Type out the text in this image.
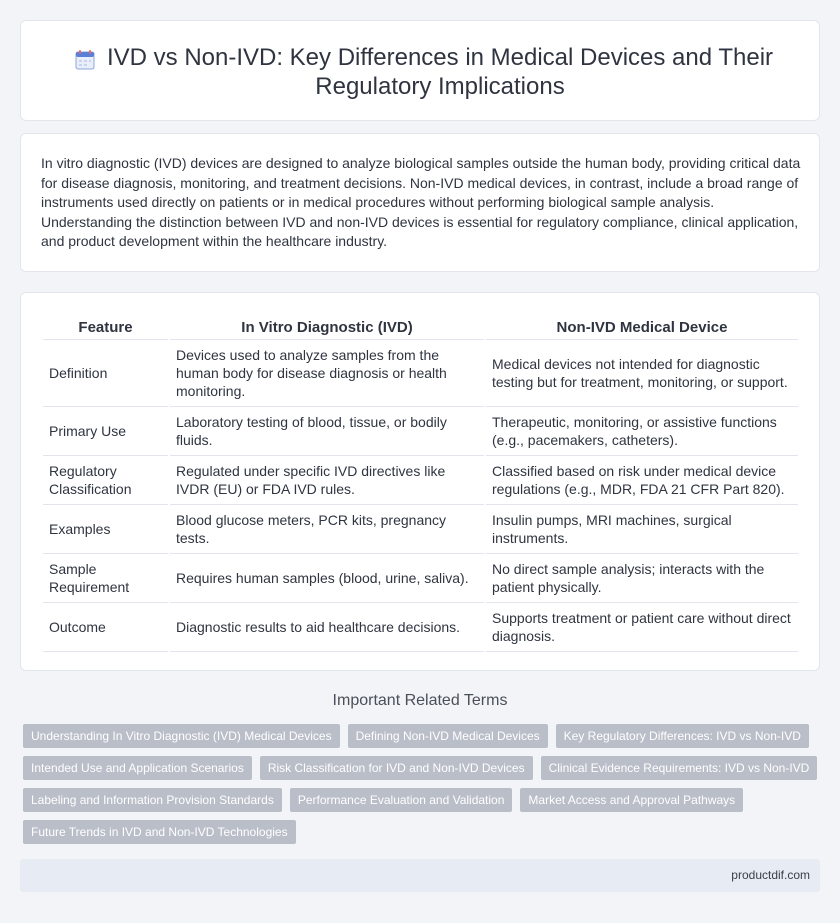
IVD vs Non-IVD: Key Differences in Medical Devices and Their Regulatory Implications

In vitro diagnostic (IVD) devices are designed to analyze biological samples outside the human body, providing critical data for disease diagnosis, monitoring, and treatment decisions. Non-IVD medical devices, in contrast, include a broad range of instruments used directly on patients or in medical procedures without performing biological sample analysis. Understanding the distinction between IVD and non-IVD devices is essential for regulatory compliance, clinical application, and product development within the healthcare industry.

Feature	In Vitro Diagnostic (IVD)	Non-IVD Medical Device
Definition	Devices used to analyze samples from the human body for disease diagnosis or health monitoring.	Medical devices not intended for diagnostic testing but for treatment, monitoring, or support.
Primary Use	Laboratory testing of blood, tissue, or bodily fluids.	Therapeutic, monitoring, or assistive functions (e.g., pacemakers, catheters).
Regulatory Classification	Regulated under specific IVD directives like IVDR (EU) or FDA IVD rules.	Classified based on risk under medical device regulations (e.g., MDR, FDA 21 CFR Part 820).
Examples	Blood glucose meters, PCR kits, pregnancy tests.	Insulin pumps, MRI machines, surgical instruments.
Sample Requirement	Requires human samples (blood, urine, saliva).	No direct sample analysis; interacts with the patient physically.
Outcome	Diagnostic results to aid healthcare decisions.	Supports treatment or patient care without direct diagnosis.
Important Related Terms
Understanding In Vitro Diagnostic (IVD) Medical Devices	Defining Non-IVD Medical Devices	Key Regulatory Differences: IVD vs Non-IVD
Intended Use and Application Scenarios	Risk Classification for IVD and Non-IVD Devices	Clinical Evidence Requirements: IVD vs Non-IVD
Labeling and Information Provision Standards	Performance Evaluation and Validation	Market Access and Approval Pathways
Future Trends in IVD and Non-IVD Technologies
productdif.com
